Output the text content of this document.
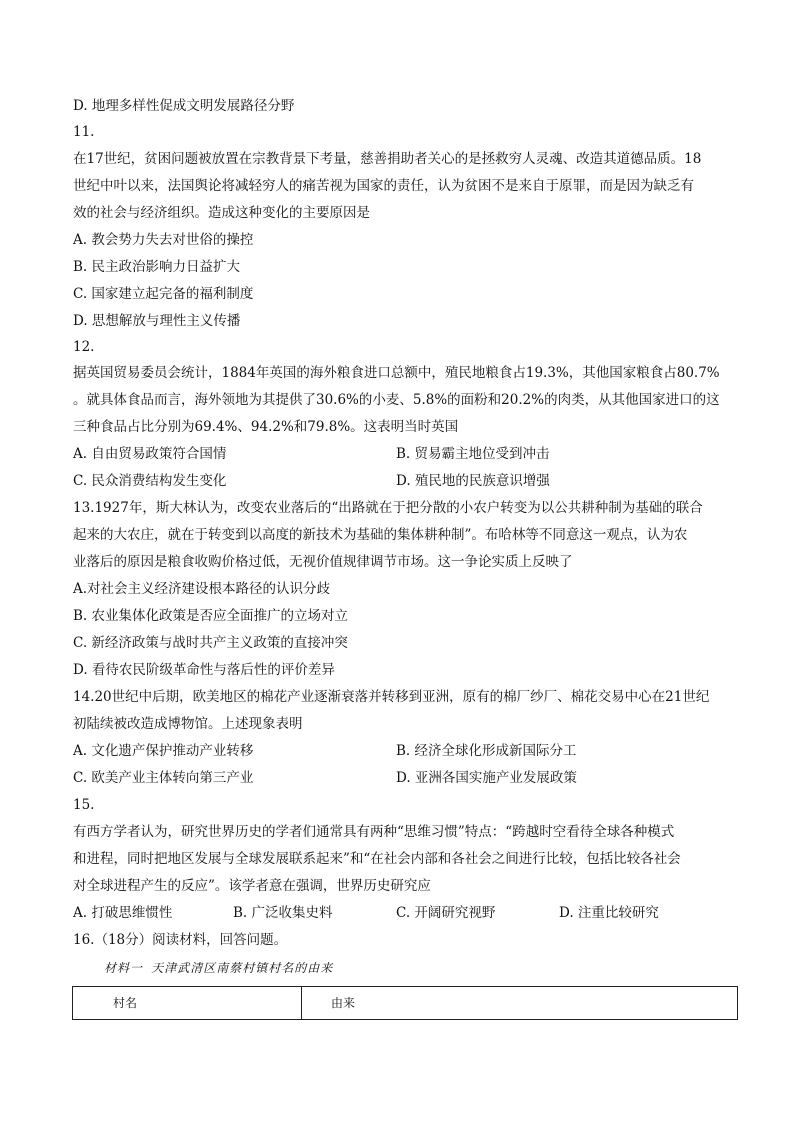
D. 地理多样性促成文明发展路径分野
11.
在17世纪，贫困问题被放置在宗教背景下考量，慈善捐助者关心的是拯救穷人灵魂、改造其道德品质。18
世纪中叶以来，法国舆论将减轻穷人的痛苦视为国家的责任，认为贫困不是来自于原罪，而是因为缺乏有
效的社会与经济组织。造成这种变化的主要原因是
A. 教会势力失去对世俗的操控
B. 民主政治影响力日益扩大
C. 国家建立起完备的福利制度
D. 思想解放与理性主义传播
12.
据英国贸易委员会统计，1884年英国的海外粮食进口总额中，殖民地粮食占19.3%，其他国家粮食占80.7%
。就具体食品而言，海外领地为其提供了30.6%的小麦、5.8%的面粉和20.2%的肉类，从其他国家进口的这
三种食品占比分别为69.4%、94.2%和79.8%。这表明当时英国
A. 自由贸易政策符合国情	B. 贸易霸主地位受到冲击
C. 民众消费结构发生变化	D. 殖民地的民族意识增强
13.1927年，斯大林认为，改变农业落后的“出路就在于把分散的小农户转变为以公共耕种制为基础的联合
起来的大农庄，就在于转变到以高度的新技术为基础的集体耕种制”。布哈林等不同意这一观点，认为农
业落后的原因是粮食收购价格过低，无视价值规律调节市场。这一争论实质上反映了
A.对社会主义经济建设根本路径的认识分歧
B. 农业集体化政策是否应全面推广的立场对立
C. 新经济政策与战时共产主义政策的直接冲突
D. 看待农民阶级革命性与落后性的评价差异
14.20世纪中后期，欧美地区的棉花产业逐渐衰落并转移到亚洲，原有的棉厂纱厂、棉花交易中心在21世纪
初陆续被改造成博物馆。上述现象表明
A. 文化遗产保护推动产业转移	B. 经济全球化形成新国际分工
C. 欧美产业主体转向第三产业	D. 亚洲各国实施产业发展政策
15.
有西方学者认为，研究世界历史的学者们通常具有两种“思维习惯”特点：“跨越时空看待全球各种模式
和进程，同时把地区发展与全球发展联系起来”和“在社会内部和各社会之间进行比较，包括比较各社会
对全球进程产生的反应”。该学者意在强调，世界历史研究应
A. 打破思维惯性	B. 广泛收集史料	C. 开阔研究视野	D. 注重比较研究
16.（18分）阅读材料，回答问题。
材料一 天津武清区南蔡村镇村名的由来
村名	由来
